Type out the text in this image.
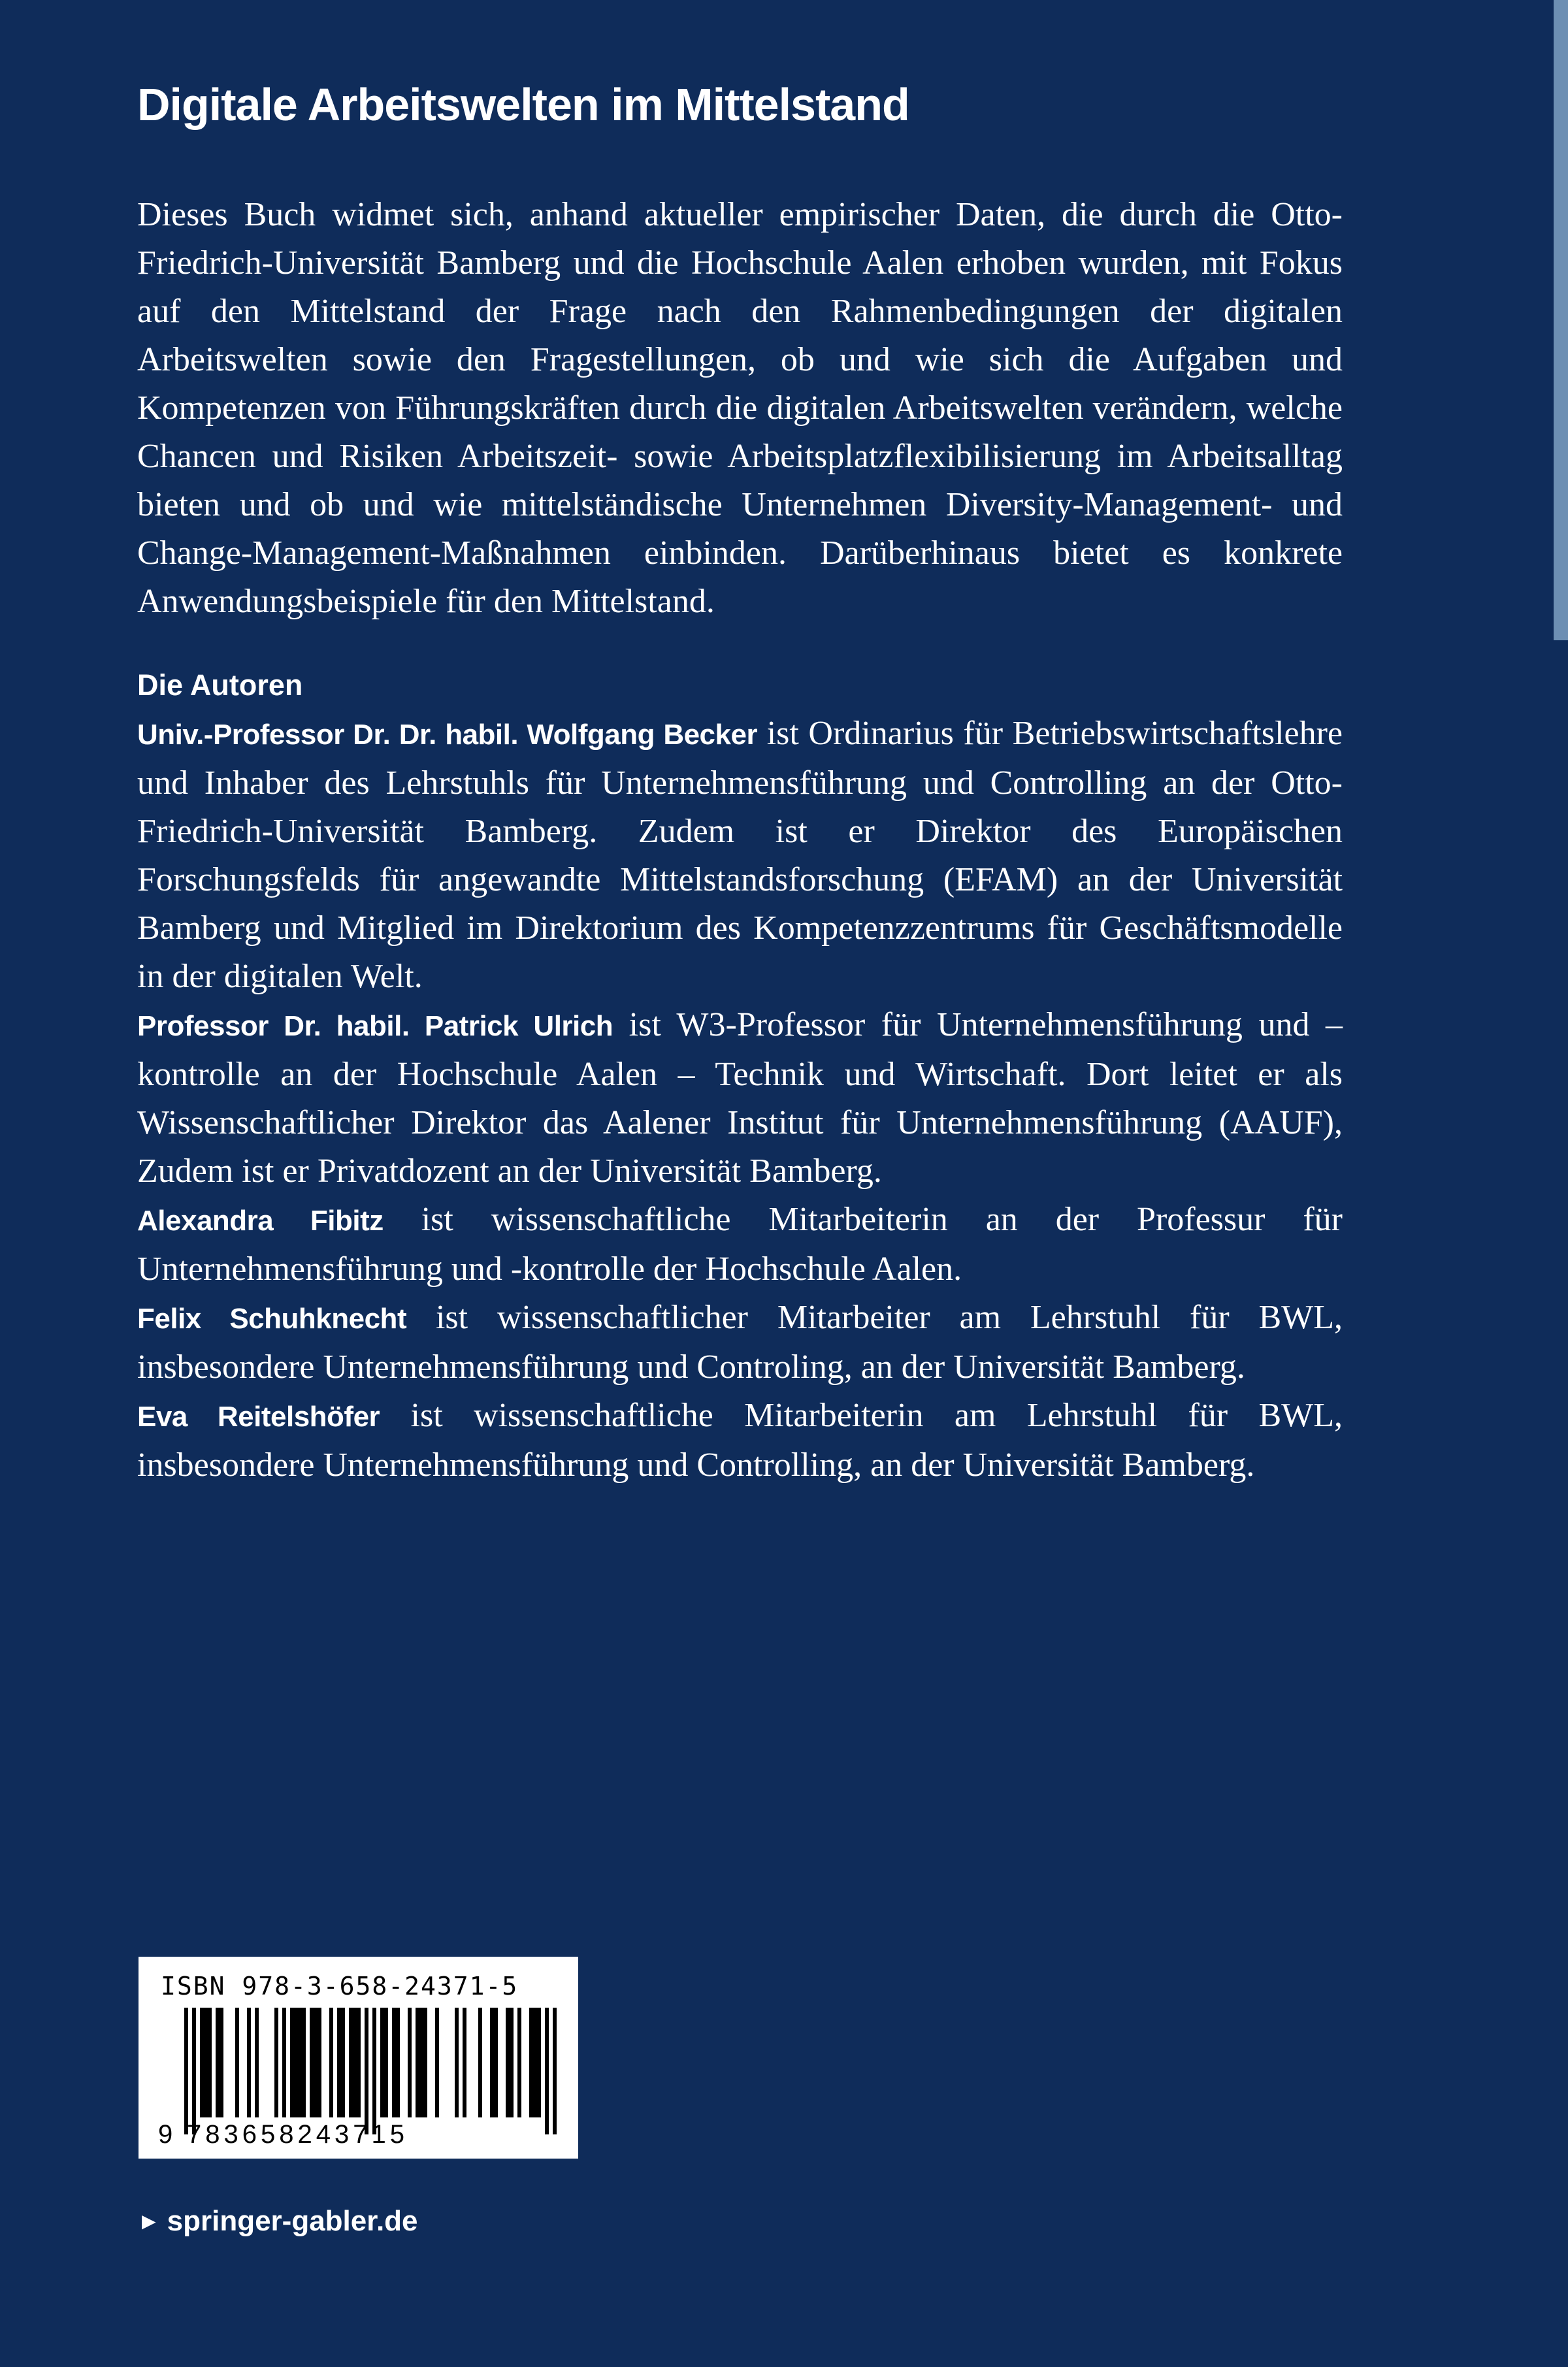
Digitale Arbeitswelten im Mittelstand

Dieses Buch widmet sich, anhand aktueller empirischer Daten, die durch die Otto-Friedrich-Universität Bamberg und die Hochschule Aalen erhoben wurden, mit Fokus auf den Mittelstand der Frage nach den Rahmenbedingungen der digitalen Arbeitswelten sowie den Fragestellungen, ob und wie sich die Aufgaben und Kompetenzen von Führungskräften durch die digitalen Arbeitswelten verändern, welche Chancen und Risiken Arbeitszeit- sowie Arbeitsplatzflexibilisierung im Arbeitsalltag bieten und ob und wie mittelständische Unternehmen Diversity-Management- und Change-Management-Maßnahmen einbinden. Darüberhinaus bietet es konkrete Anwendungsbeispiele für den Mittelstand.

Die Autoren

Univ.-Professor Dr. Dr. habil. Wolfgang Becker ist Ordinarius für Betriebswirtschaftslehre und Inhaber des Lehrstuhls für Unternehmensführung und Controlling an der Otto-Friedrich-Universität Bamberg. Zudem ist er Direktor des Europäischen Forschungsfelds für angewandte Mittelstandsforschung (EFAM) an der Universität Bamberg und Mitglied im Direktorium des Kompetenzzentrums für Geschäftsmodelle in der digitalen Welt.

Professor Dr. habil. Patrick Ulrich ist W3-Professor für Unternehmensführung und – kontrolle an der Hochschule Aalen – Technik und Wirtschaft. Dort leitet er als Wissenschaftlicher Direktor das Aalener Institut für Unternehmensführung (AAUF), Zudem ist er Privatdozent an der Universität Bamberg.

Alexandra Fibitz ist wissenschaftliche Mitarbeiterin an der Professur für Unternehmensführung und -kontrolle der Hochschule Aalen.

Felix Schuhknecht ist wissenschaftlicher Mitarbeiter am Lehrstuhl für BWL, insbesondere Unternehmensführung und Controling, an der Universität Bamberg.

Eva Reitelshöfer ist wissenschaftliche Mitarbeiterin am Lehrstuhl für BWL, insbesondere Unternehmensführung und Controlling, an der Universität Bamberg.

ISBN 978-3-658-24371-5

9 783658243715

► springer-gabler.de
